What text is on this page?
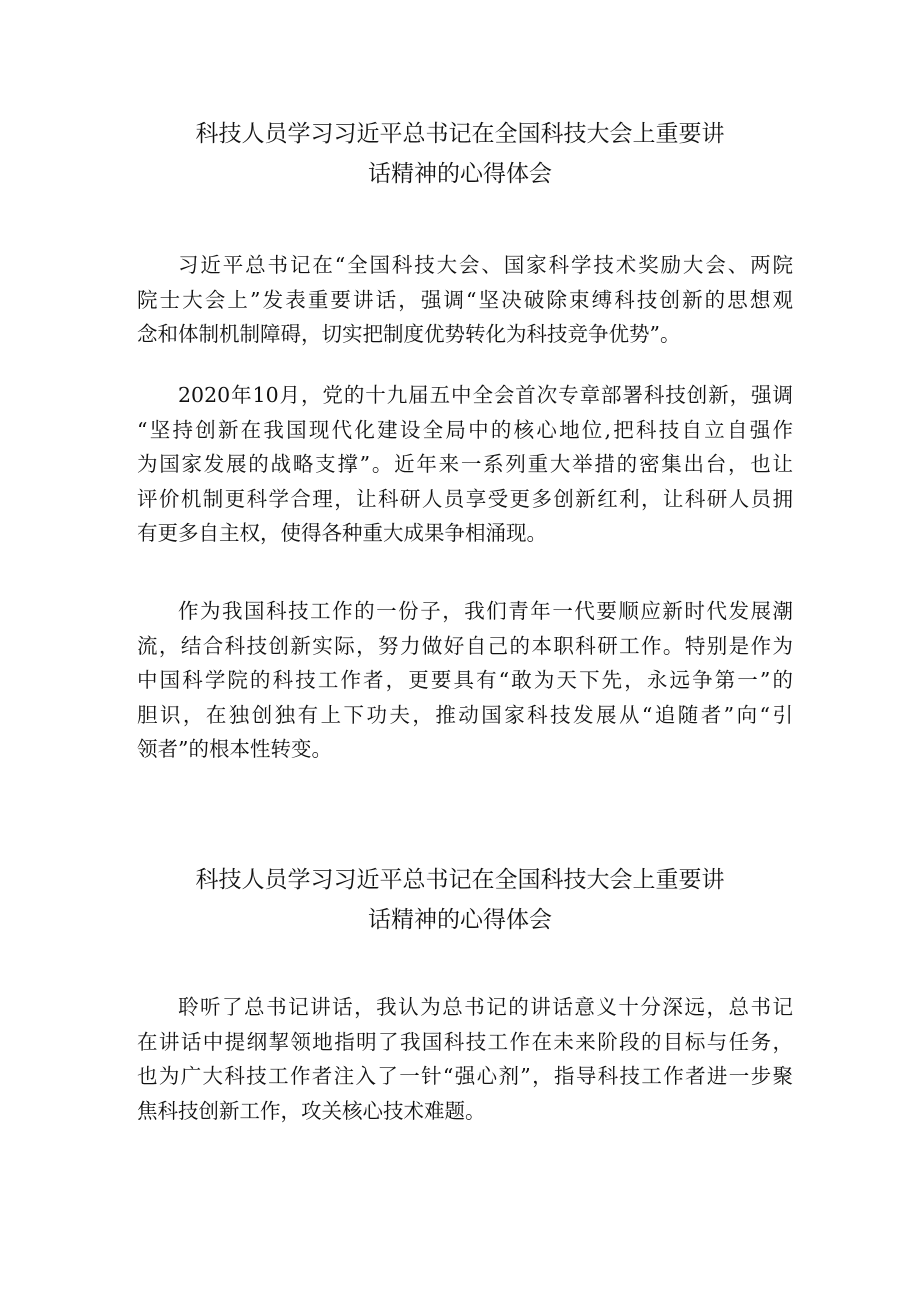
科技人员学习习近平总书记在全国科技大会上重要讲
话精神的心得体会

习近平总书记在“全国科技大会、国家科学技术奖励大会、两院
院士大会上”发表重要讲话，强调“坚决破除束缚科技创新的思想观
念和体制机制障碍，切实把制度优势转化为科技竞争优势”。

2020年10月，党的十九届五中全会首次专章部署科技创新，强调
“坚持创新在我国现代化建设全局中的核心地位,把科技自立自强作
为国家发展的战略支撑”。近年来一系列重大举措的密集出台，也让
评价机制更科学合理，让科研人员享受更多创新红利，让科研人员拥
有更多自主权，使得各种重大成果争相涌现。

作为我国科技工作的一份子，我们青年一代要顺应新时代发展潮
流，结合科技创新实际，努力做好自己的本职科研工作。特别是作为
中国科学院的科技工作者，更要具有“敢为天下先，永远争第一”的
胆识，在独创独有上下功夫，推动国家科技发展从“追随者”向“引
领者”的根本性转变。

科技人员学习习近平总书记在全国科技大会上重要讲
话精神的心得体会

聆听了总书记讲话，我认为总书记的讲话意义十分深远，总书记
在讲话中提纲挈领地指明了我国科技工作在未来阶段的目标与任务，
也为广大科技工作者注入了一针“强心剂”，指导科技工作者进一步聚
焦科技创新工作，攻关核心技术难题。
